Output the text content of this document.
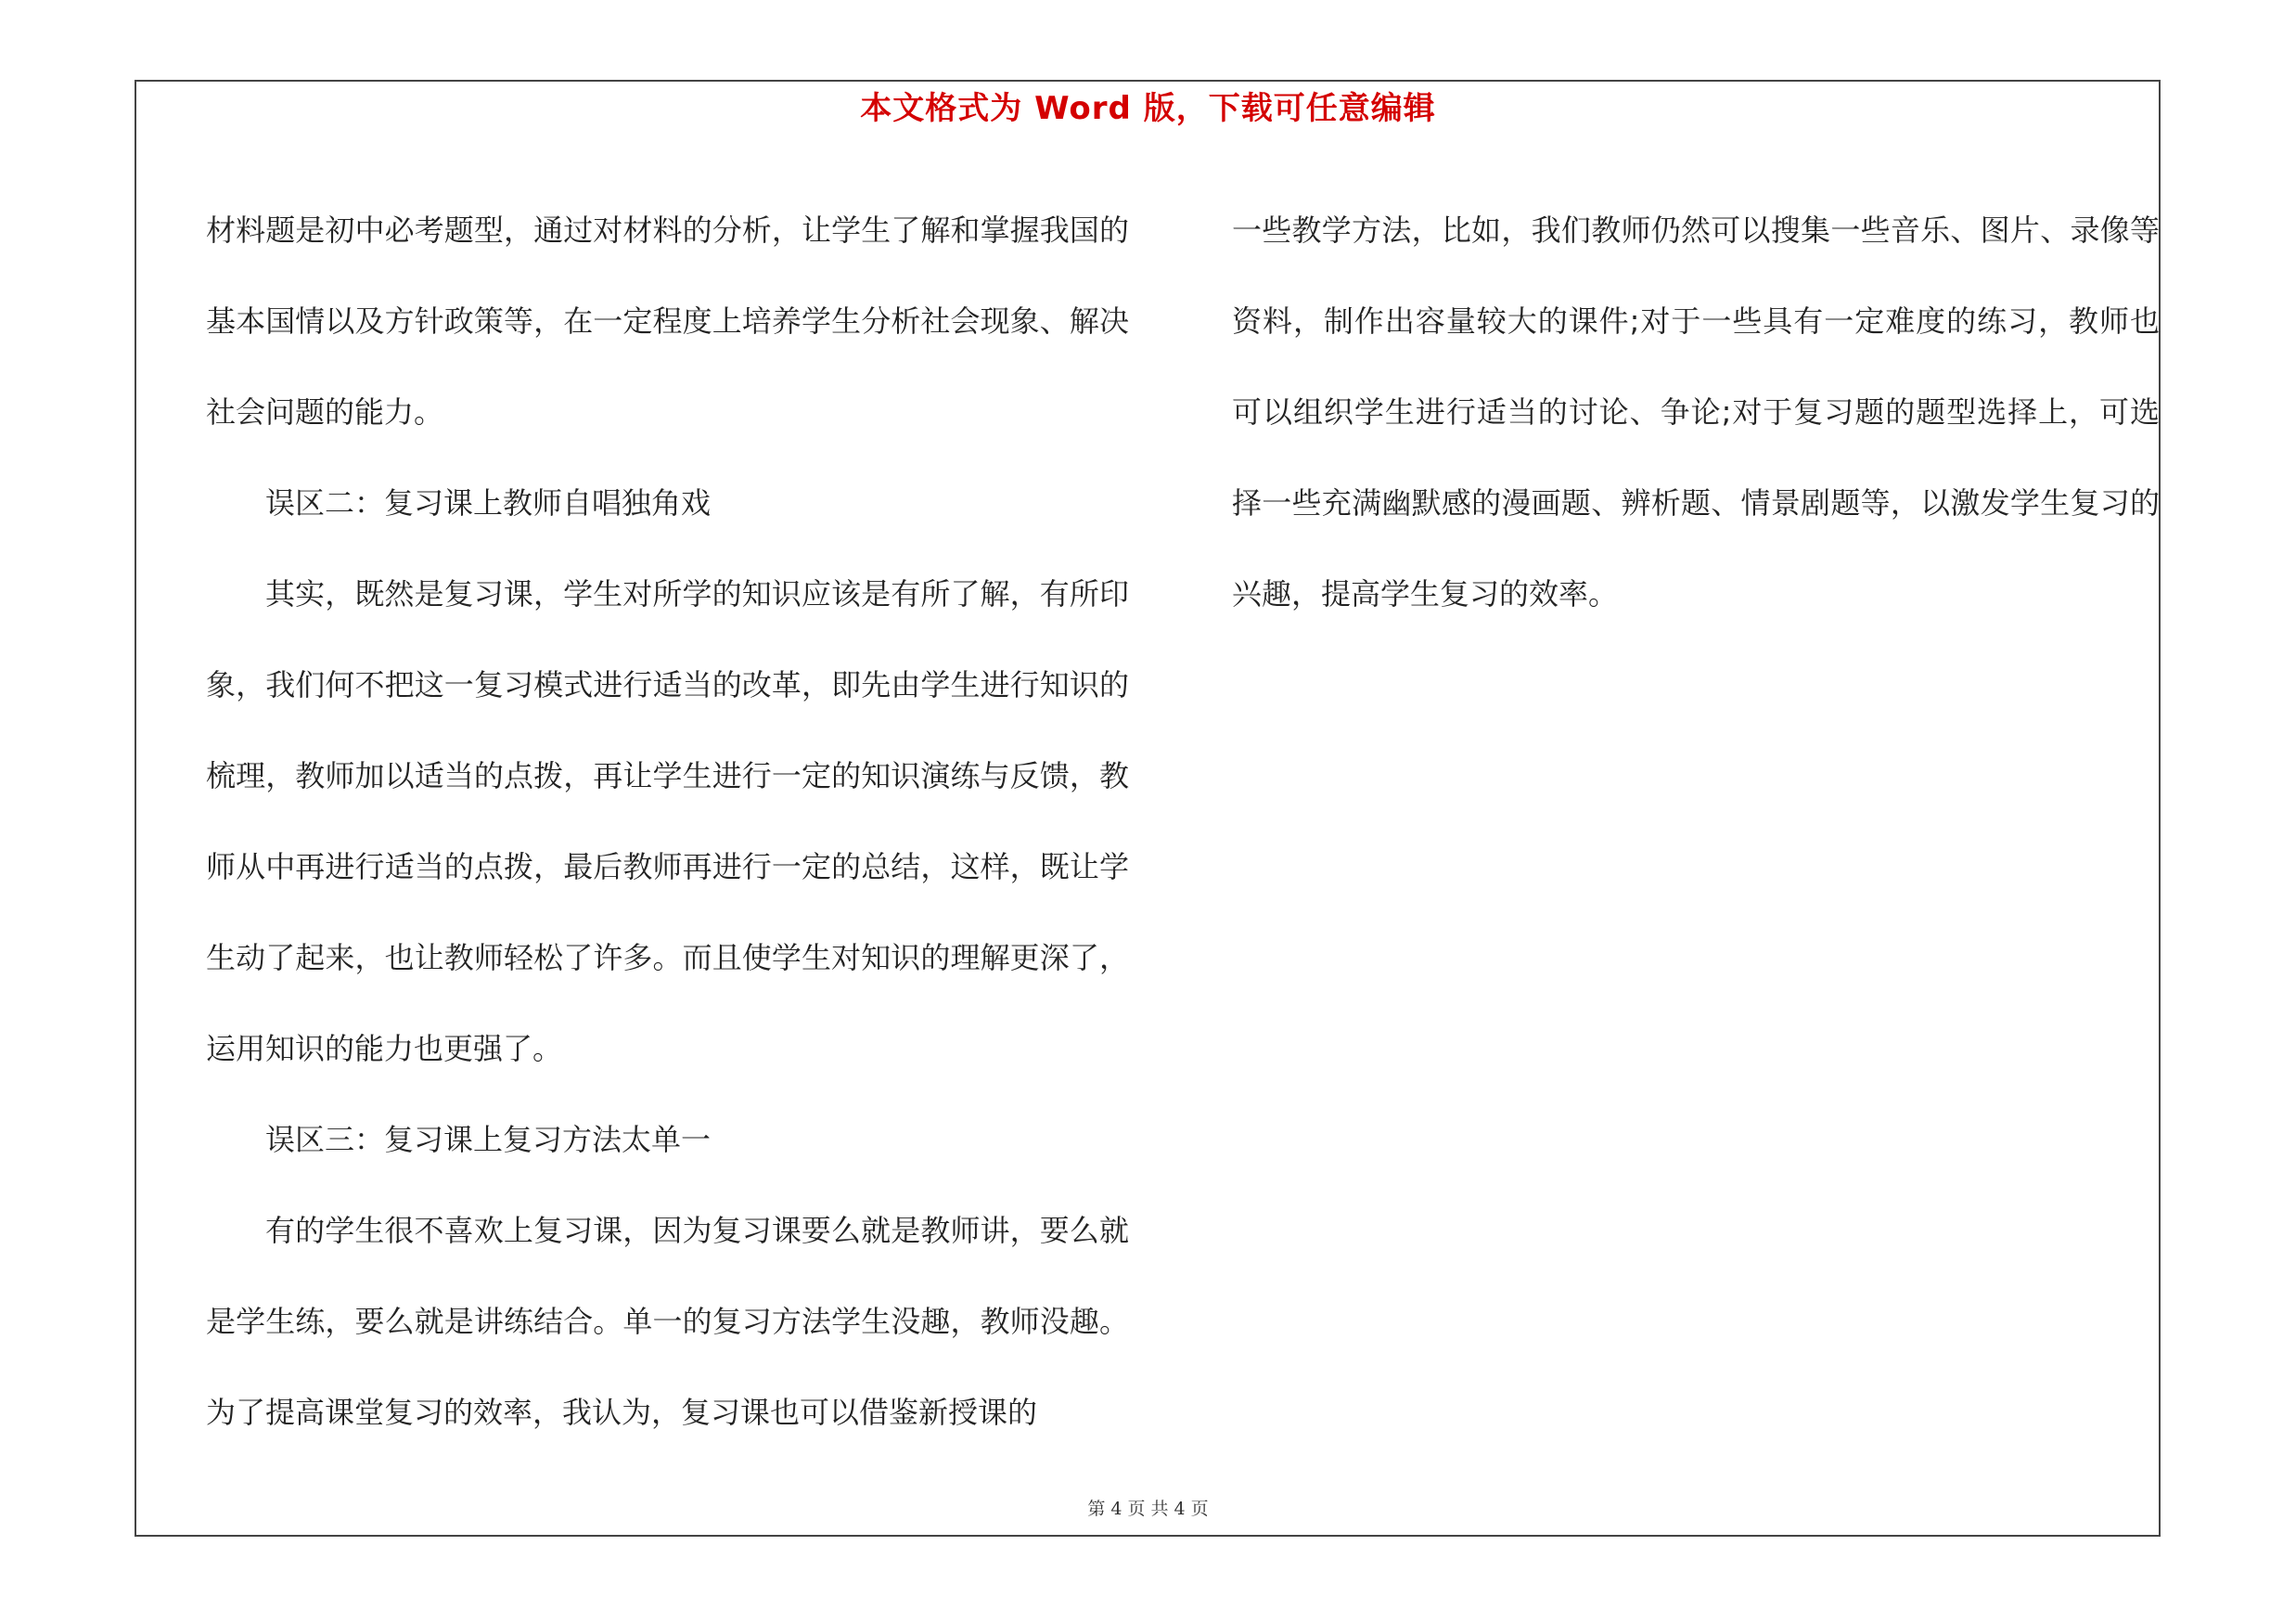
本文格式为 Word 版，下载可任意编辑

材料题是初中必考题型，通过对材料的分析，让学生了解和掌握我国的基本国情以及方针政策等，在一定程度上培养学生分析社会现象、解决社会问题的能力。

误区二：复习课上教师自唱独角戏

其实，既然是复习课，学生对所学的知识应该是有所了解，有所印象，我们何不把这一复习模式进行适当的改革，即先由学生进行知识的梳理，教师加以适当的点拨，再让学生进行一定的知识演练与反馈，教师从中再进行适当的点拨，最后教师再进行一定的总结，这样，既让学生动了起来，也让教师轻松了许多。而且使学生对知识的理解更深了，运用知识的能力也更强了。

误区三：复习课上复习方法太单一

有的学生很不喜欢上复习课，因为复习课要么就是教师讲，要么就是学生练，要么就是讲练结合。单一的复习方法学生没趣，教师没趣。为了提高课堂复习的效率，我认为，复习课也可以借鉴新授课的

一些教学方法，比如，我们教师仍然可以搜集一些音乐、图片、录像等资料，制作出容量较大的课件;对于一些具有一定难度的练习，教师也可以组织学生进行适当的讨论、争论;对于复习题的题型选择上，可选择一些充满幽默感的漫画题、辨析题、情景剧题等，以激发学生复习的兴趣，提高学生复习的效率。

第 4 页 共 4 页
